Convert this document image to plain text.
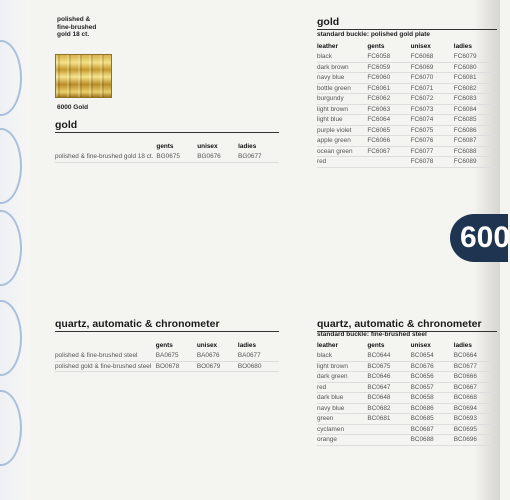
600
polished &
fine-brushed
gold 18 ct.
6000 Gold
gold
	gents	unisex	ladies
polished & fine-brushed gold 18 ct.	BG0675	BG0676	BG0677
gold
standard buckle: polished gold plate
leather	gents	unisex	ladies
black	FC6058	FC6068	FC6079
dark brown	FC6059	FC6069	FC6080
navy blue	FC6060	FC6070	FC6081
bottle green	FC6061	FC6071	FC6082
burgundy	FC6062	FC6072	FC6083
light brown	FC6063	FC6073	FC6084
light blue	FC6064	FC6074	FC6085
purple violet	FC6065	FC6075	FC6086
apple green	FC6066	FC6076	FC6087
ocean green	FC6067	FC6077	FC6088
red		FC6078	FC6089
quartz, automatic & chronometer
	gents	unisex	ladies
polished & fine-brushed steel	BA0675	BA0676	BA0677
polished gold & fine-brushed steel	BO0678	BO0679	BO0680
quartz, automatic & chronometer
standard buckle: fine-brushed steel
leather	gents	unisex	ladies
black	BC0644	BC0654	BC0664
light brown	BC0675	BC0676	BC0677
dark green	BC0646	BC0656	BC0666
red	BC0647	BC0657	BC0667
dark blue	BC0648	BC0658	BC0668
navy blue	BC0682	BC0686	BC0694
green	BC0681	BC0685	BC0693
cyclamen		BC0687	BC0695
orange		BC0688	BC0696
